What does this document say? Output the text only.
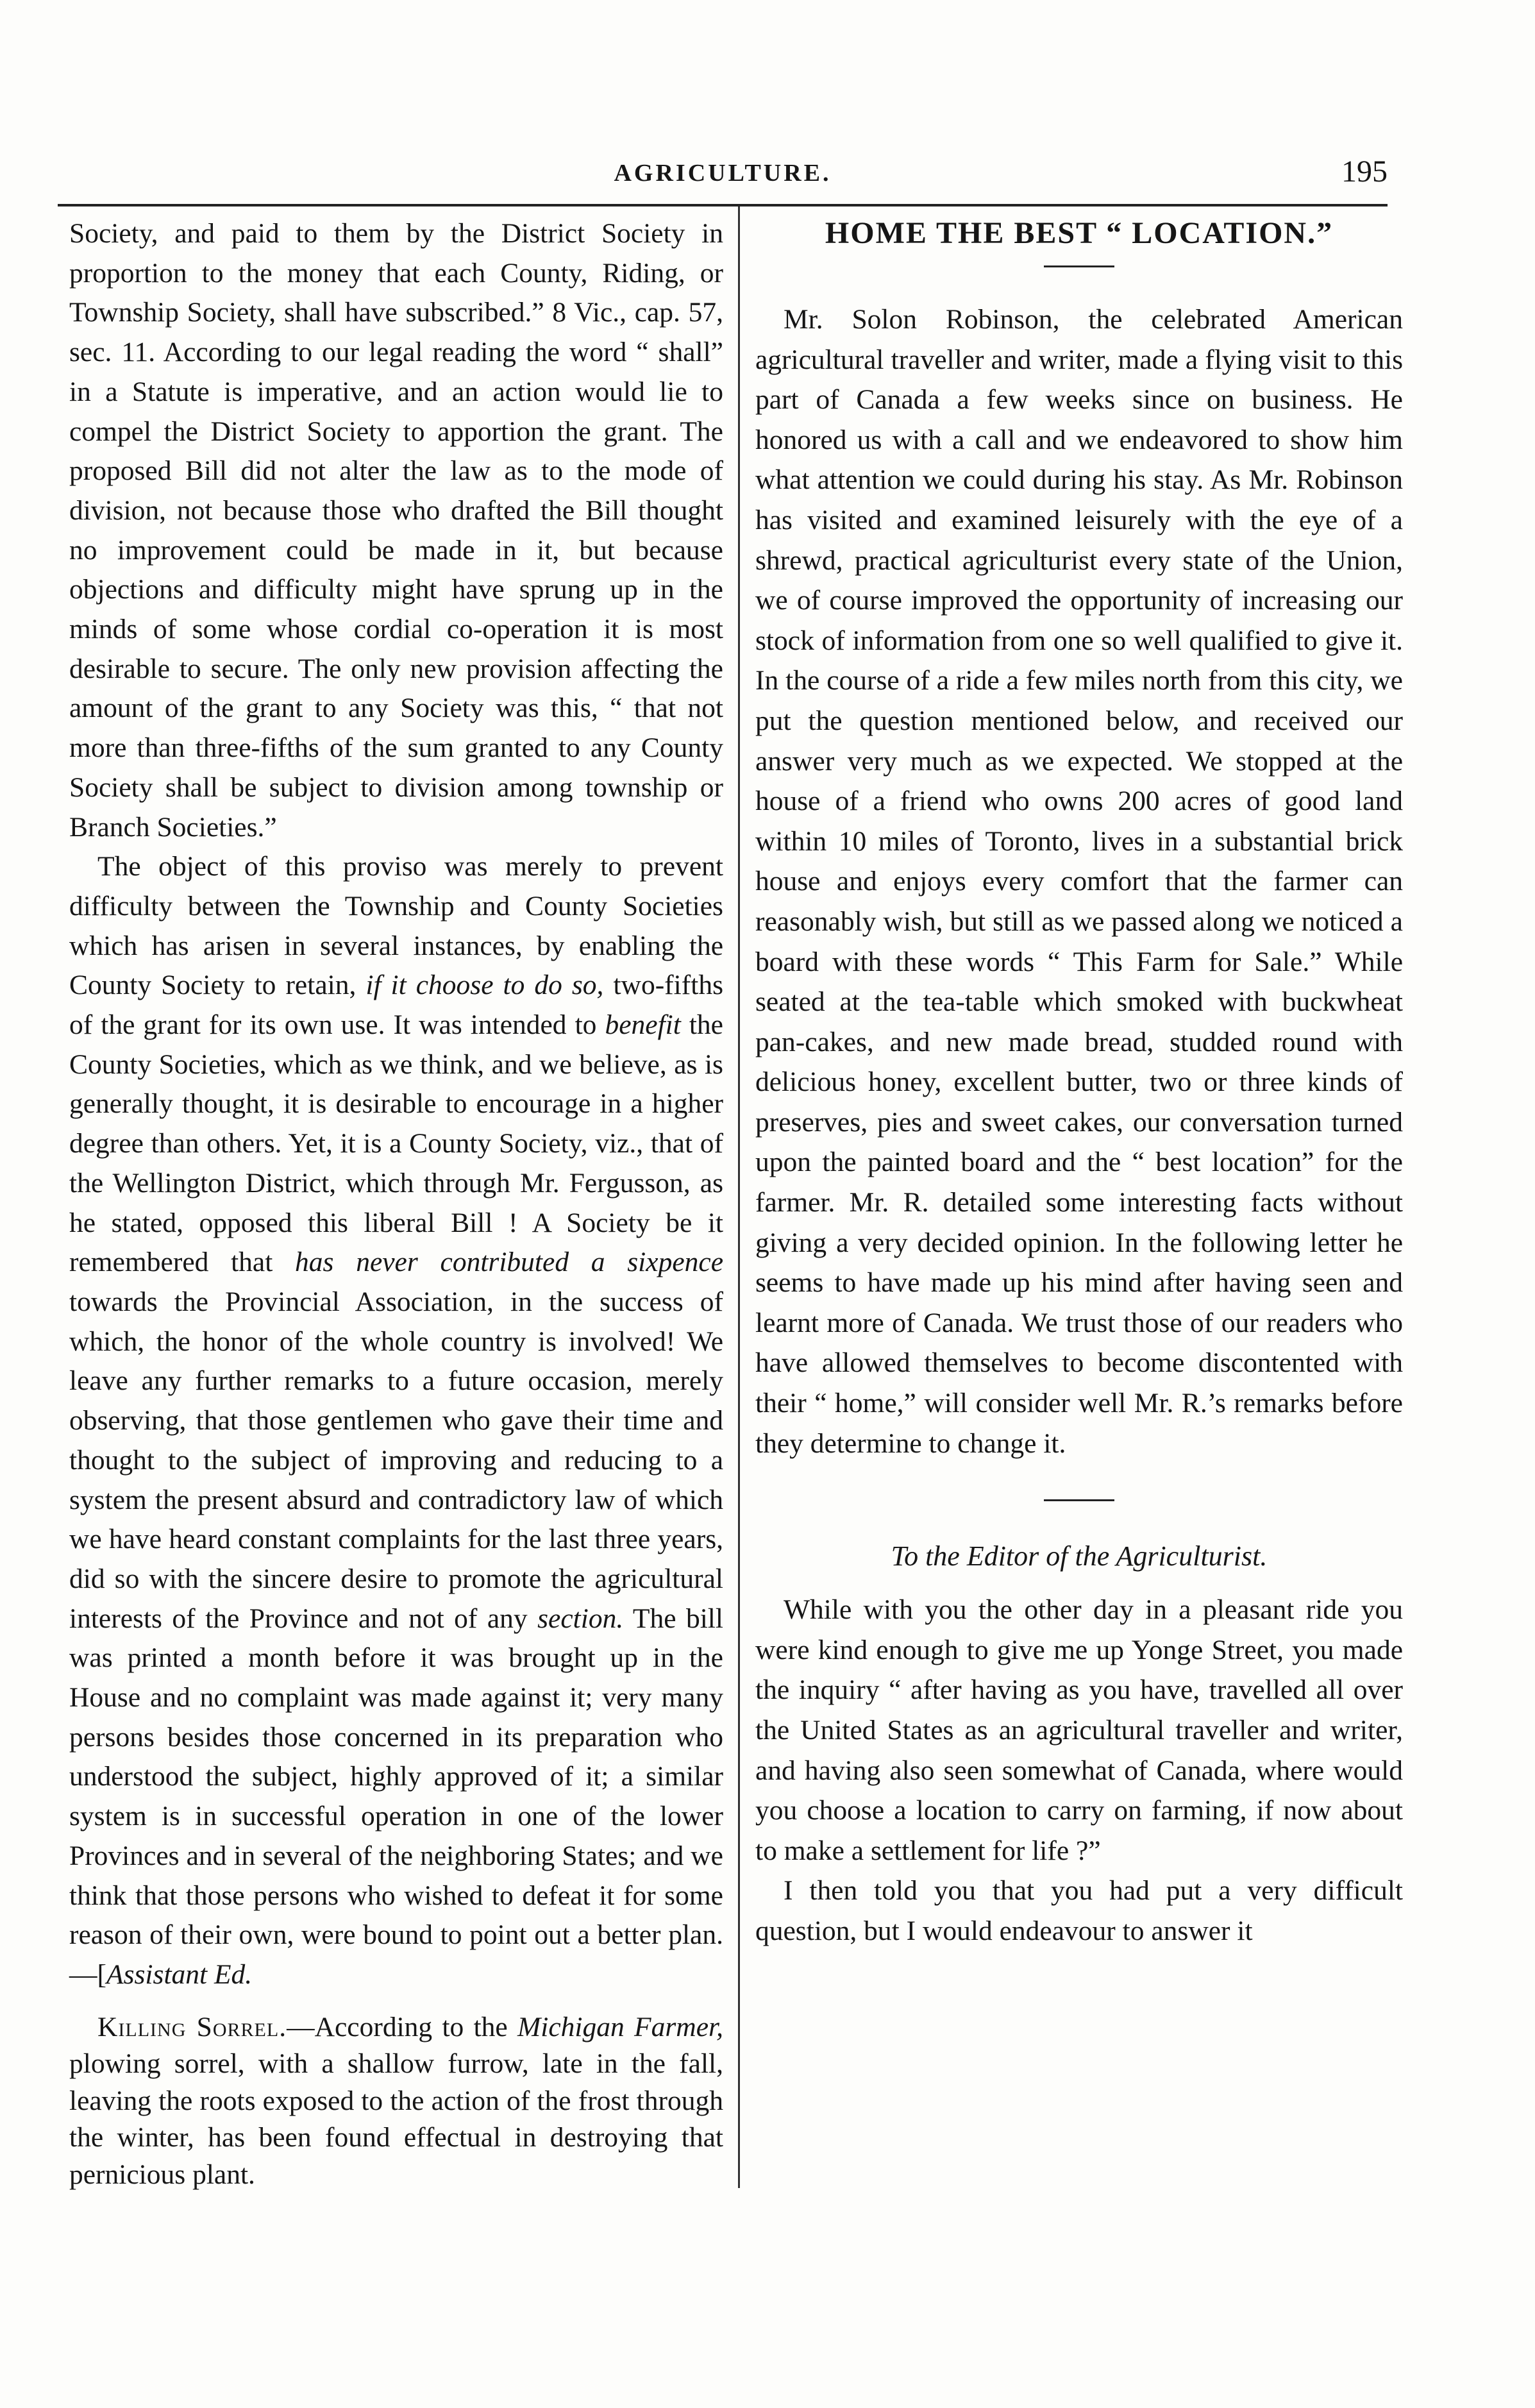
AGRICULTURE.	195

Society, and paid to them by the District Society in proportion to the money that each County, Riding, or Township Society, shall have subscribed.” 8 Vic., cap. 57, sec. 11. According to our legal reading the word “ shall” in a Statute is imperative, and an action would lie to compel the District Society to apportion the grant. The proposed Bill did not alter the law as to the mode of division, not because those who drafted the Bill thought no improvement could be made in it, but because objections and difficulty might have sprung up in the minds of some whose cordial co-operation it is most desirable to secure. The only new provision affecting the amount of the grant to any Society was this, “ that not more than three-fifths of the sum granted to any County Society shall be subject to division among township or Branch Societies.”

The object of this proviso was merely to prevent difficulty between the Township and County Societies which has arisen in several instances, by enabling the County Society to retain, if it choose to do so, two-fifths of the grant for its own use. It was intended to benefit the County Societies, which as we think, and we believe, as is generally thought, it is desirable to encourage in a higher degree than others. Yet, it is a County Society, viz., that of the Wellington District, which through Mr. Fergusson, as he stated, opposed this liberal Bill ! A Society be it remembered that has never contributed a sixpence towards the Provincial Association, in the success of which, the honor of the whole country is involved! We leave any further remarks to a future occasion, merely observing, that those gentlemen who gave their time and thought to the subject of improving and reducing to a system the present absurd and contradictory law of which we have heard constant complaints for the last three years, did so with the sincere desire to promote the agricultural interests of the Province and not of any section. The bill was printed a month before it was brought up in the House and no complaint was made against it; very many persons besides those concerned in its preparation who understood the subject, highly approved of it; a similar system is in successful operation in one of the lower Provinces and in several of the neighboring States; and we think that those persons who wished to defeat it for some reason of their own, were bound to point out a better plan.—[Assistant Ed.

Killing Sorrel.—According to the Michigan Farmer, plowing sorrel, with a shallow furrow, late in the fall, leaving the roots exposed to the action of the frost through the winter, has been found effectual in destroying that pernicious plant.

HOME THE BEST “ LOCATION.”

Mr. Solon Robinson, the celebrated American agricultural traveller and writer, made a flying visit to this part of Canada a few weeks since on business. He honored us with a call and we endeavored to show him what attention we could during his stay. As Mr. Robinson has visited and examined leisurely with the eye of a shrewd, practical agriculturist every state of the Union, we of course improved the opportunity of increasing our stock of information from one so well qualified to give it. In the course of a ride a few miles north from this city, we put the question mentioned below, and received our answer very much as we expected. We stopped at the house of a friend who owns 200 acres of good land within 10 miles of Toronto, lives in a substantial brick house and enjoys every comfort that the farmer can reasonably wish, but still as we passed along we noticed a board with these words “ This Farm for Sale.” While seated at the tea-table which smoked with buckwheat pan-cakes, and new made bread, studded round with delicious honey, excellent butter, two or three kinds of preserves, pies and sweet cakes, our conversation turned upon the painted board and the “ best location” for the farmer. Mr. R. detailed some interesting facts without giving a very decided opinion. In the following letter he seems to have made up his mind after having seen and learnt more of Canada. We trust those of our readers who have allowed themselves to become discontented with their “ home,” will consider well Mr. R.’s remarks before they determine to change it.

To the Editor of the Agriculturist.

While with you the other day in a pleasant ride you were kind enough to give me up Yonge Street, you made the inquiry “ after having as you have, travelled all over the United States as an agricultural traveller and writer, and having also seen somewhat of Canada, where would you choose a location to carry on farming, if now about to make a settlement for life ?”

I then told you that you had put a very difficult question, but I would endeavour to answer it
